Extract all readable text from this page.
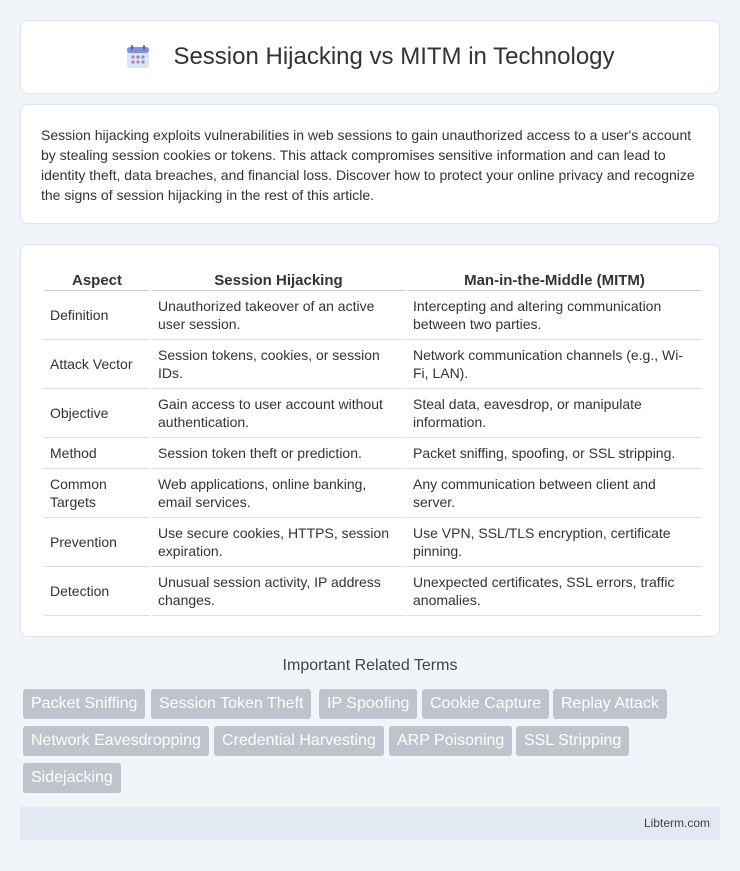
Session Hijacking vs MITM in Technology

Session hijacking exploits vulnerabilities in web sessions to gain unauthorized access to a user's account by stealing session cookies or tokens. This attack compromises sensitive information and can lead to identity theft, data breaches, and financial loss. Discover how to protect your online privacy and recognize the signs of session hijacking in the rest of this article.

Aspect	Session Hijacking	Man-in-the-Middle (MITM)
Definition	Unauthorized takeover of an active user session.	Intercepting and altering communication between two parties.
Attack Vector	Session tokens, cookies, or session IDs.	Network communication channels (e.g., Wi-Fi, LAN).
Objective	Gain access to user account without authentication.	Steal data, eavesdrop, or manipulate information.
Method	Session token theft or prediction.	Packet sniffing, spoofing, or SSL stripping.
Common Targets	Web applications, online banking, email services.	Any communication between client and server.
Prevention	Use secure cookies, HTTPS, session expiration.	Use VPN, SSL/TLS encryption, certificate pinning.
Detection	Unusual session activity, IP address changes.	Unexpected certificates, SSL errors, traffic anomalies.
Important Related Terms
Packet Sniffing	Session Token Theft	IP Spoofing	Cookie Capture	Replay Attack
Network Eavesdropping	Credential Harvesting	ARP Poisoning	SSL Stripping
Sidejacking
Libterm.com
